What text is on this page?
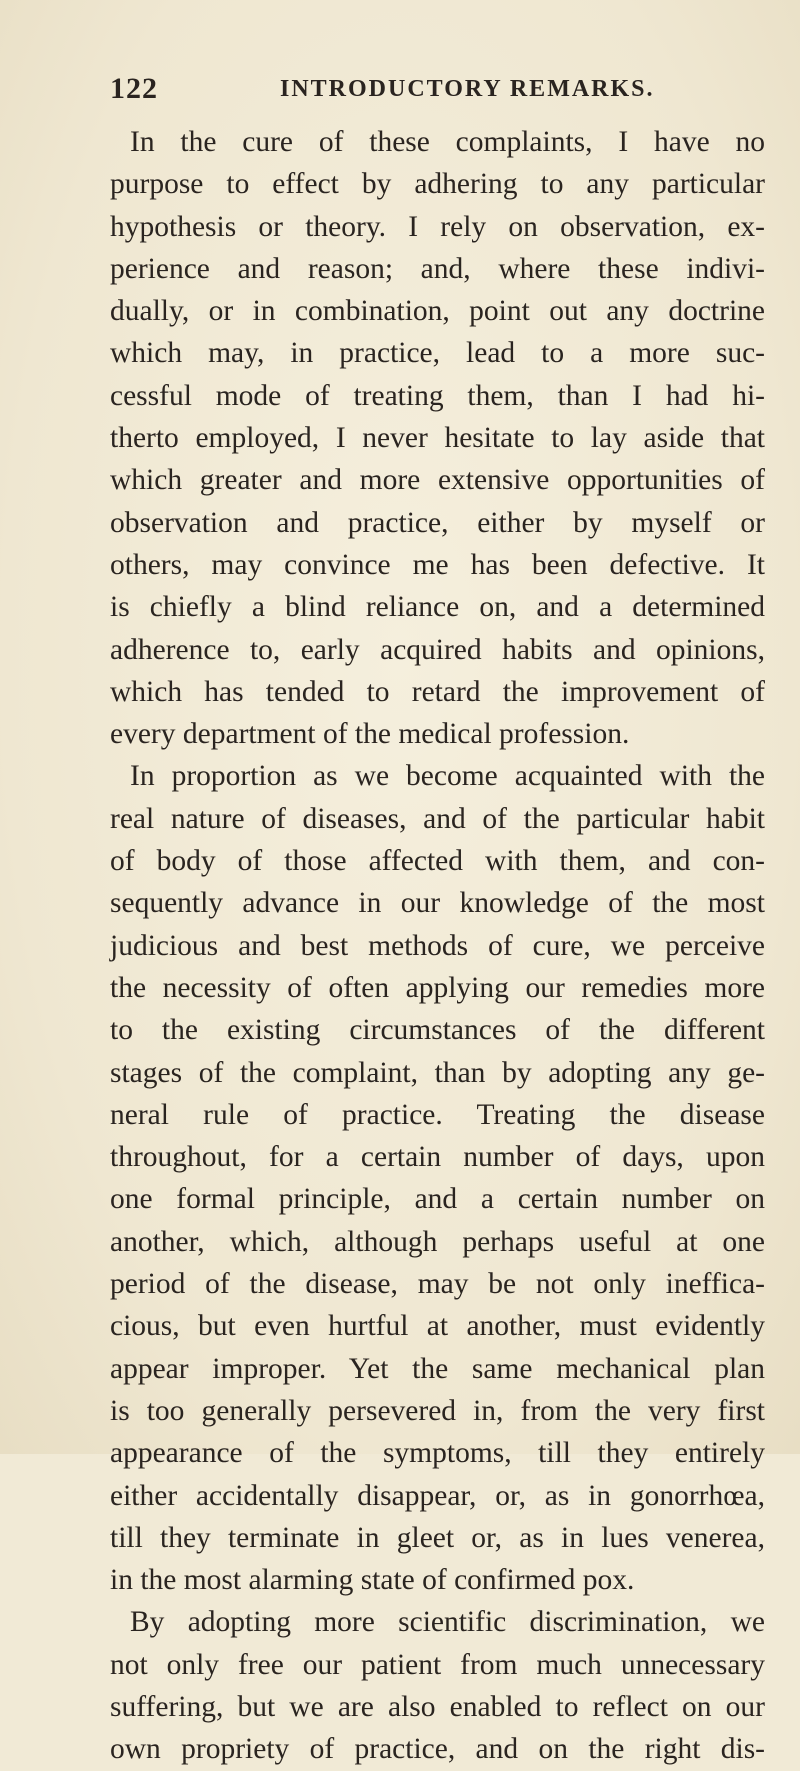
122	INTRODUCTORY REMARKS.
In the cure of these complaints, I have no
purpose to effect by adhering to any particular
hypothesis or theory. I rely on observation, ex-
perience and reason; and, where these indivi-
dually, or in combination, point out any doctrine
which may, in practice, lead to a more suc-
cessful mode of treating them, than I had hi-
therto employed, I never hesitate to lay aside that
which greater and more extensive opportunities of
observation and practice, either by myself or
others, may convince me has been defective. It
is chiefly a blind reliance on, and a determined
adherence to, early acquired habits and opinions,
which has tended to retard the improvement of
every department of the medical profession.
In proportion as we become acquainted with the
real nature of diseases, and of the particular habit
of body of those affected with them, and con-
sequently advance in our knowledge of the most
judicious and best methods of cure, we perceive
the necessity of often applying our remedies more
to the existing circumstances of the different
stages of the complaint, than by adopting any ge-
neral rule of practice. Treating the disease
throughout, for a certain number of days, upon
one formal principle, and a certain number on
another, which, although perhaps useful at one
period of the disease, may be not only ineffica-
cious, but even hurtful at another, must evidently
appear improper. Yet the same mechanical plan
is too generally persevered in, from the very first
appearance of the symptoms, till they entirely
either accidentally disappear, or, as in gonorrhœa,
till they terminate in gleet or, as in lues venerea,
in the most alarming state of confirmed pox.
By adopting more scientific discrimination, we
not only free our patient from much unnecessary
suffering, but we are also enabled to reflect on our
own propriety of practice, and on the right dis-
